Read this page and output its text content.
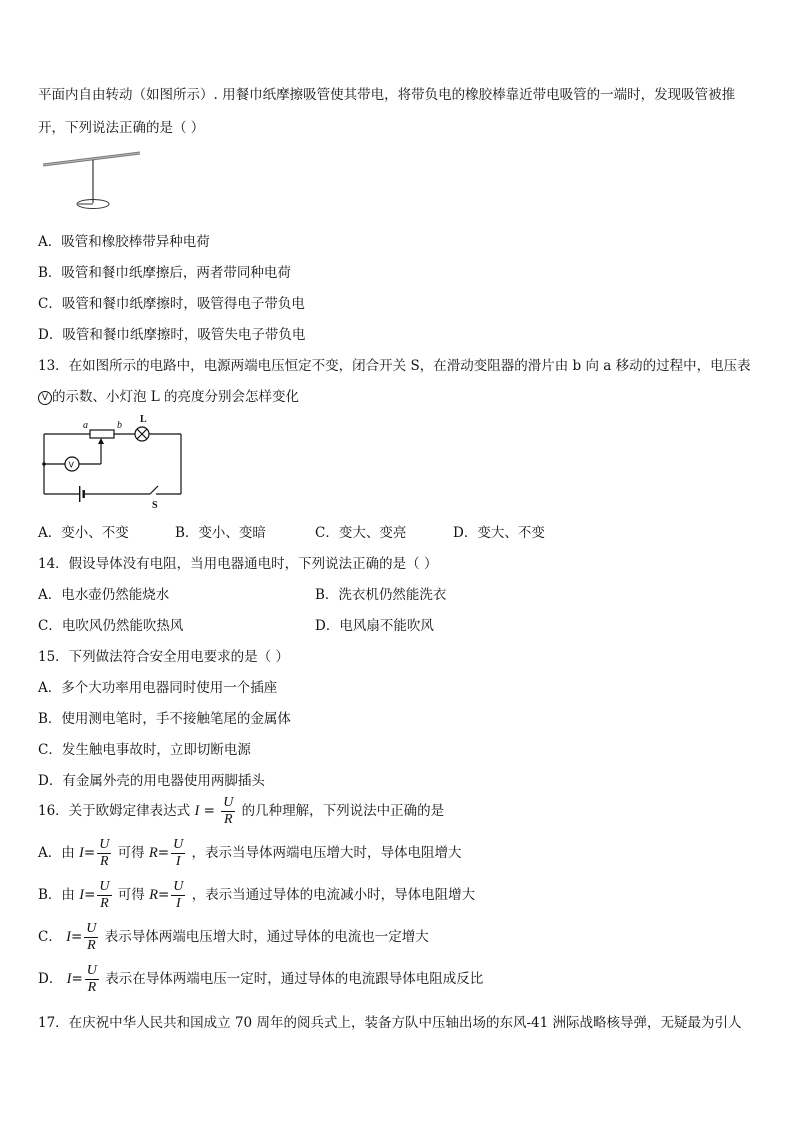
平面内自由转动（如图所示）. 用餐巾纸摩擦吸管使其带电，将带负电的橡胶棒靠近带电吸管的一端时，发现吸管被推
开，下列说法正确的是（ ）
A．吸管和橡胶棒带异种电荷
B．吸管和餐巾纸摩擦后，两者带同种电荷
C．吸管和餐巾纸摩擦时，吸管得电子带负电
D．吸管和餐巾纸摩擦时，吸管失电子带负电
13．在如图所示的电路中，电源两端电压恒定不变，闭合开关 S，在滑动变阻器的滑片由 b 向 a 移动的过程中，电压表
V 的示数、小灯泡 L 的亮度分别会怎样变化
a	b
L
V
S
A．变小、不变	B．变小、变暗	C．变大、变亮	D．变大、不变
14．假设导体没有电阻，当用电器通电时，下列说法正确的是（ ）
A．电水壶仍然能烧水	B．洗衣机仍然能洗衣
C．电吹风仍然能吹热风	D．电风扇不能吹风
15．下列做法符合安全用电要求的是（ ）
A．多个大功率用电器同时使用一个插座
B．使用测电笔时，手不接触笔尾的金属体
C．发生触电事故时，立即切断电源
D．有金属外壳的用电器使用两脚插头
16．关于欧姆定律表达式 $I = \frac{U}{R}$ 的几种理解，下列说法中正确的是
A．由 $I= \frac{U}{R}$ 可得 $R= \frac{U}{I}$ ，表示当导体两端电压增大时，导体电阻增大
B．由 $I= \frac{U}{R}$ 可得 $R= \frac{U}{I}$ ，表示当通过导体的电流减小时，导体电阻增大
C． $I= \frac{U}{R}$ 表示导体两端电压增大时，通过导体的电流也一定增大
D． $I= \frac{U}{R}$ 表示在导体两端电压一定时，通过导体的电流跟导体电阻成反比
17．在庆祝中华人民共和国成立 70 周年的阅兵式上，装备方队中压轴出场的东风-41 洲际战略核导弹，无疑最为引人
